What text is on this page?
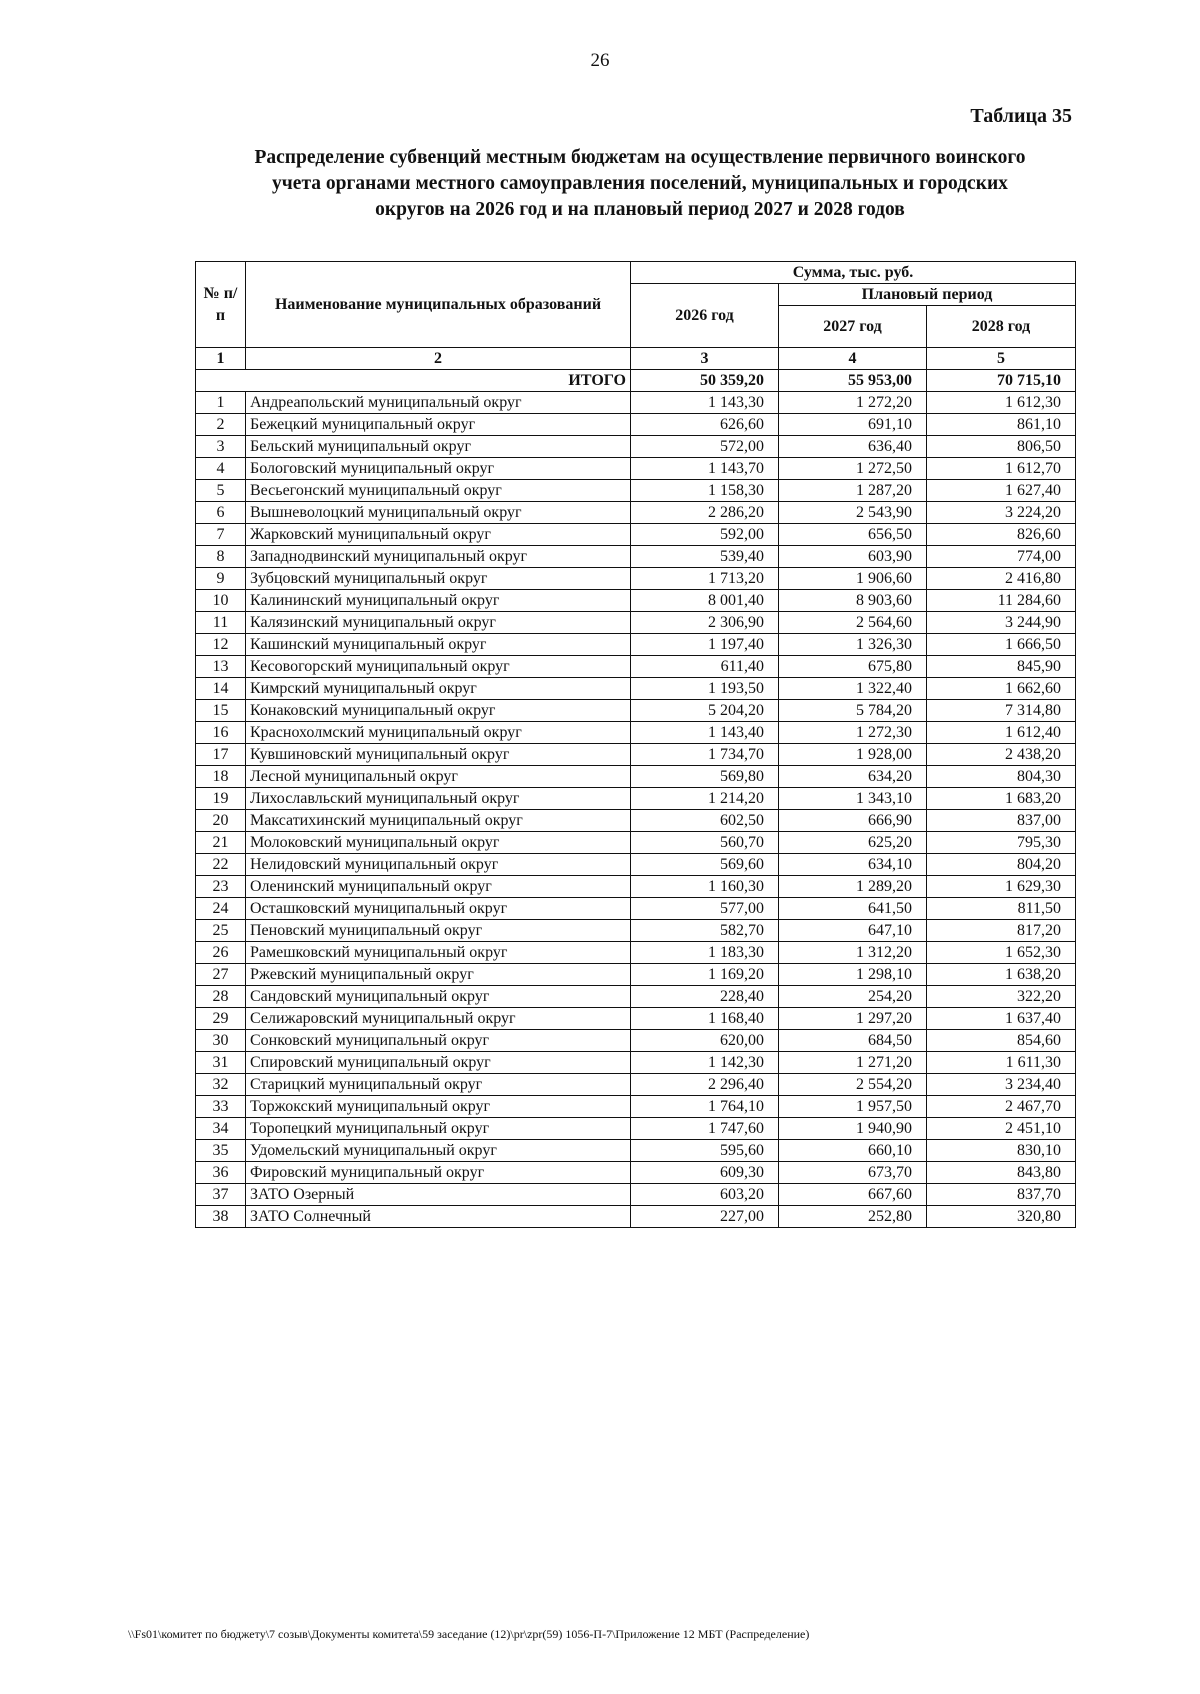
26
Таблица 35
Распределение субвенций местным бюджетам на осуществление первичного воинского
учета органами местного самоуправления поселений, муниципальных и городских
округов на 2026 год и на плановый период 2027 и 2028 годов
№ п/п	Наименование муниципальных образований	Сумма, тыс. руб.		
		2026 год	Плановый период	
			2027 год	2028 год
1	2	3	4	5
ИТОГО		50 359,20	55 953,00	70 715,10
1	Андреапольский муниципальный округ	1 143,30	1 272,20	1 612,30
2	Бежецкий муниципальный округ	626,60	691,10	861,10
3	Бельский муниципальный округ	572,00	636,40	806,50
4	Бологовский муниципальный округ	1 143,70	1 272,50	1 612,70
5	Весьегонский муниципальный округ	1 158,30	1 287,20	1 627,40
6	Вышневолоцкий муниципальный округ	2 286,20	2 543,90	3 224,20
7	Жарковский муниципальный округ	592,00	656,50	826,60
8	Западнодвинский муниципальный округ	539,40	603,90	774,00
9	Зубцовский муниципальный округ	1 713,20	1 906,60	2 416,80
10	Калининский муниципальный округ	8 001,40	8 903,60	11 284,60
11	Калязинский муниципальный округ	2 306,90	2 564,60	3 244,90
12	Кашинский муниципальный округ	1 197,40	1 326,30	1 666,50
13	Кесовогорский муниципальный округ	611,40	675,80	845,90
14	Кимрский муниципальный округ	1 193,50	1 322,40	1 662,60
15	Конаковский муниципальный округ	5 204,20	5 784,20	7 314,80
16	Краснохолмский муниципальный округ	1 143,40	1 272,30	1 612,40
17	Кувшиновский муниципальный округ	1 734,70	1 928,00	2 438,20
18	Лесной муниципальный округ	569,80	634,20	804,30
19	Лихославльский муниципальный округ	1 214,20	1 343,10	1 683,20
20	Максатихинский муниципальный округ	602,50	666,90	837,00
21	Молоковский муниципальный округ	560,70	625,20	795,30
22	Нелидовский муниципальный округ	569,60	634,10	804,20
23	Оленинский муниципальный округ	1 160,30	1 289,20	1 629,30
24	Осташковский муниципальный округ	577,00	641,50	811,50
25	Пеновский муниципальный округ	582,70	647,10	817,20
26	Рамешковский муниципальный округ	1 183,30	1 312,20	1 652,30
27	Ржевский муниципальный округ	1 169,20	1 298,10	1 638,20
28	Сандовский муниципальный округ	228,40	254,20	322,20
29	Селижаровский муниципальный округ	1 168,40	1 297,20	1 637,40
30	Сонковский муниципальный округ	620,00	684,50	854,60
31	Спировский муниципальный округ	1 142,30	1 271,20	1 611,30
32	Старицкий муниципальный округ	2 296,40	2 554,20	3 234,40
33	Торжокский муниципальный округ	1 764,10	1 957,50	2 467,70
34	Торопецкий муниципальный округ	1 747,60	1 940,90	2 451,10
35	Удомельский муниципальный округ	595,60	660,10	830,10
36	Фировский муниципальный округ	609,30	673,70	843,80
37	ЗАТО Озерный	603,20	667,60	837,70
38	ЗАТО Солнечный	227,00	252,80	320,80
\\Fs01\комитет по бюджету\7 созыв\Документы комитета\59 заседание (12)\pr\zpr(59) 1056-П-7\Приложение 12 МБТ (Распределение)
